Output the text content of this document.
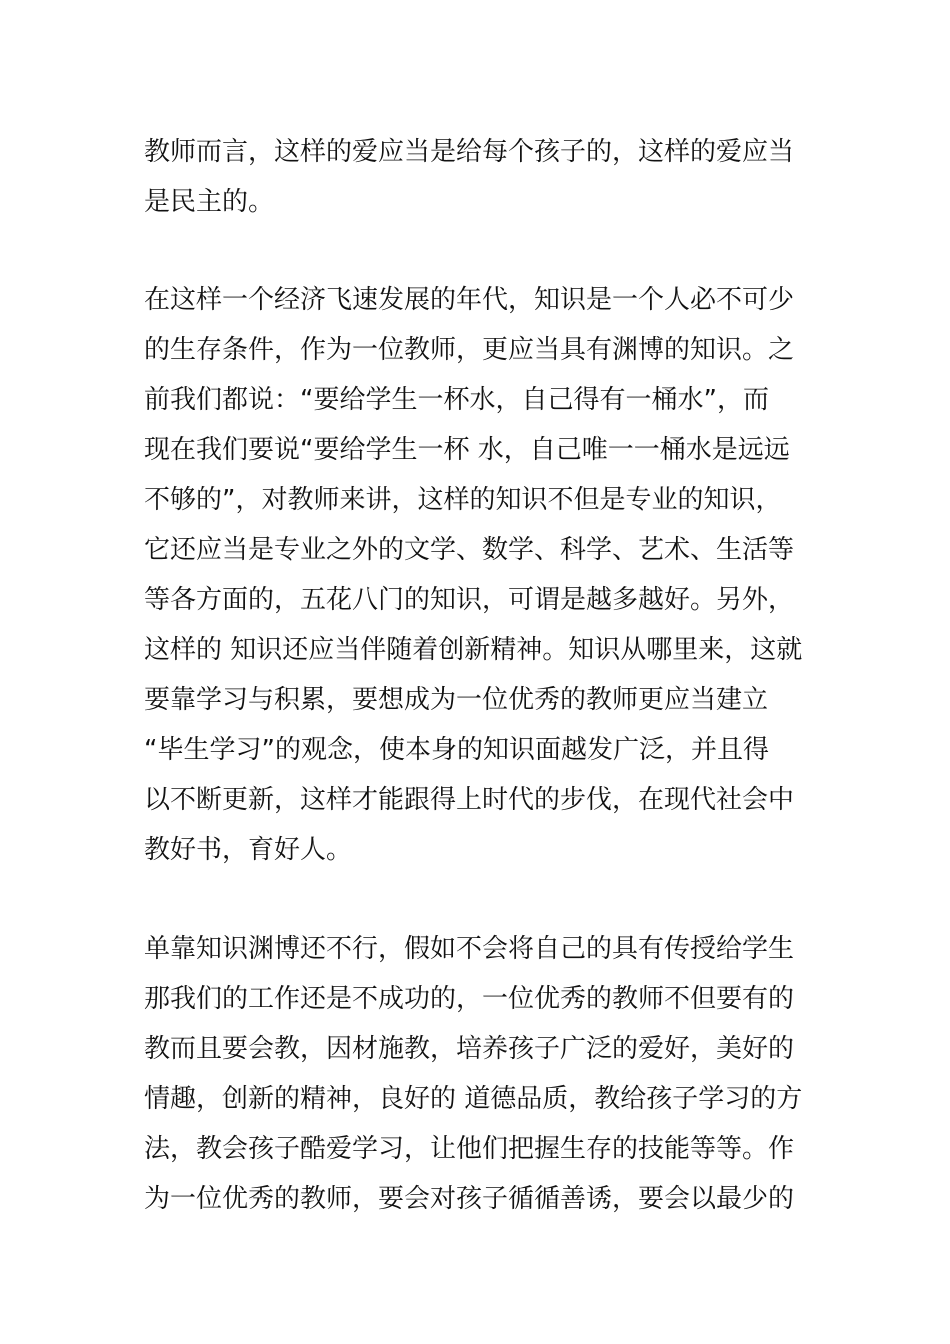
教师而言，这样的爱应当是给每个孩子的，这样的爱应当
是民主的。

在这样一个经济飞速发展的年代，知识是一个人必不可少
的生存条件，作为一位教师，更应当具有渊博的知识。之
前我们都说：“要给学生一杯水，自己得有一桶水”，而
现在我们要说“要给学生一杯 水，自己唯一一桶水是远远
不够的”，对教师来讲，这样的知识不但是专业的知识，
它还应当是专业之外的文学、数学、科学、艺术、生活等
等各方面的，五花八门的知识，可谓是越多越好。另外，
这样的 知识还应当伴随着创新精神。知识从哪里来，这就
要靠学习与积累，要想成为一位优秀的教师更应当建立
“毕生学习”的观念，使本身的知识面越发广泛，并且得
以不断更新，这样才能跟得上时代的步伐，在现代社会中
教好书，育好人。

单靠知识渊博还不行，假如不会将自己的具有传授给学生
那我们的工作还是不成功的，一位优秀的教师不但要有的
教而且要会教，因材施教，培养孩子广泛的爱好，美好的
情趣，创新的精神，良好的 道德品质，教给孩子学习的方
法，教会孩子酷爱学习，让他们把握生存的技能等等。作
为一位优秀的教师，要会对孩子循循善诱，要会以最少的
